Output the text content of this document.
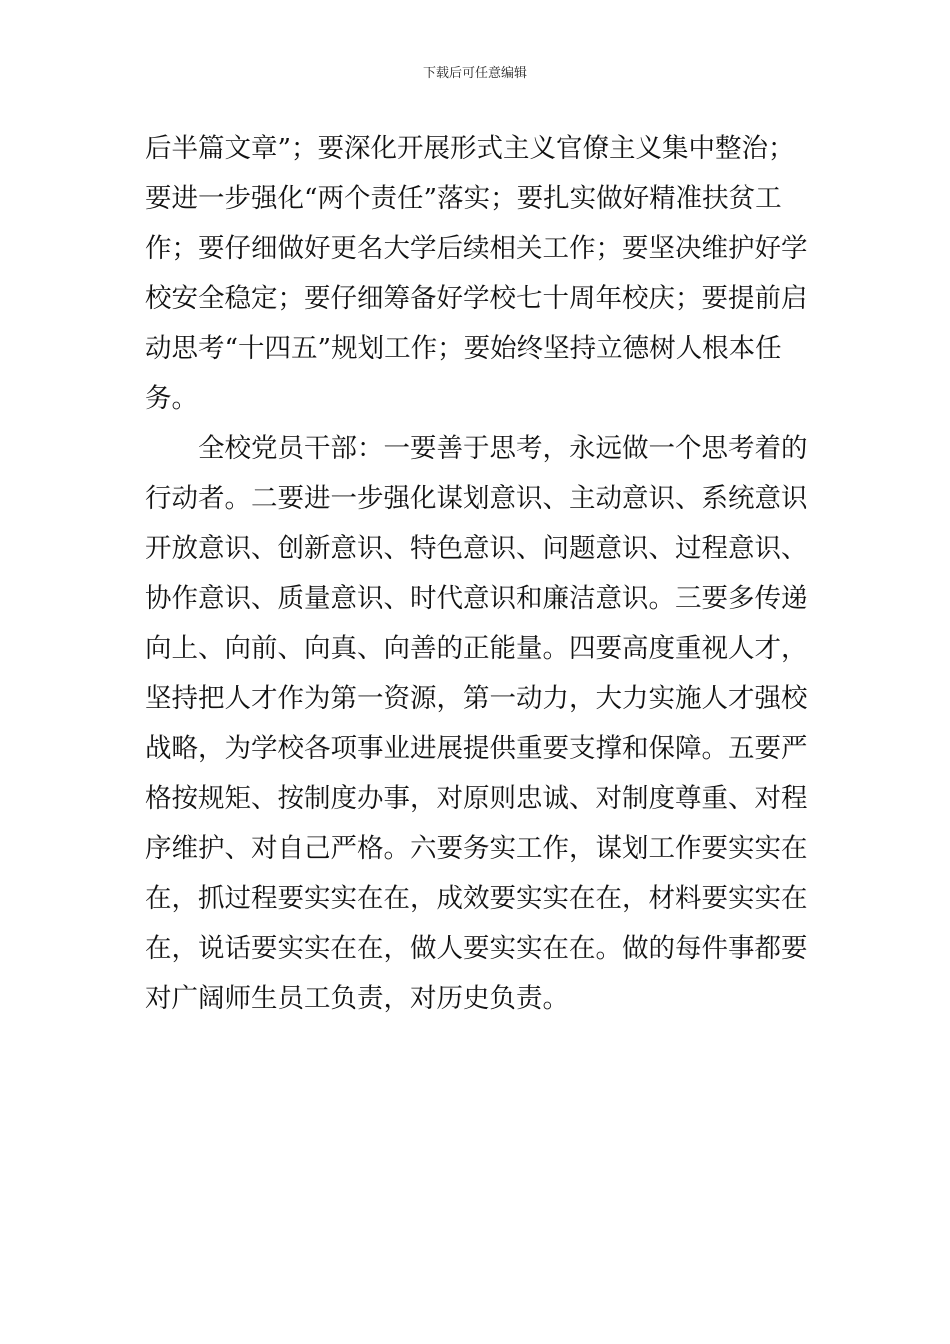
下载后可任意编辑
后半篇文章”；要深化开展形式主义官僚主义集中整治；
要进一步强化“两个责任”落实；要扎实做好精准扶贫工
作；要仔细做好更名大学后续相关工作；要坚决维护好学
校安全稳定；要仔细筹备好学校七十周年校庆；要提前启
动思考“十四五”规划工作；要始终坚持立德树人根本任
务。
全校党员干部：一要善于思考，永远做一个思考着的
行动者。二要进一步强化谋划意识、主动意识、系统意识
开放意识、创新意识、特色意识、问题意识、过程意识、
协作意识、质量意识、时代意识和廉洁意识。三要多传递
向上、向前、向真、向善的正能量。四要高度重视人才，
坚持把人才作为第一资源，第一动力，大力实施人才强校
战略，为学校各项事业进展提供重要支撑和保障。五要严
格按规矩、按制度办事，对原则忠诚、对制度尊重、对程
序维护、对自己严格。六要务实工作，谋划工作要实实在
在，抓过程要实实在在，成效要实实在在，材料要实实在
在，说话要实实在在，做人要实实在在。做的每件事都要
对广阔师生员工负责，对历史负责。
